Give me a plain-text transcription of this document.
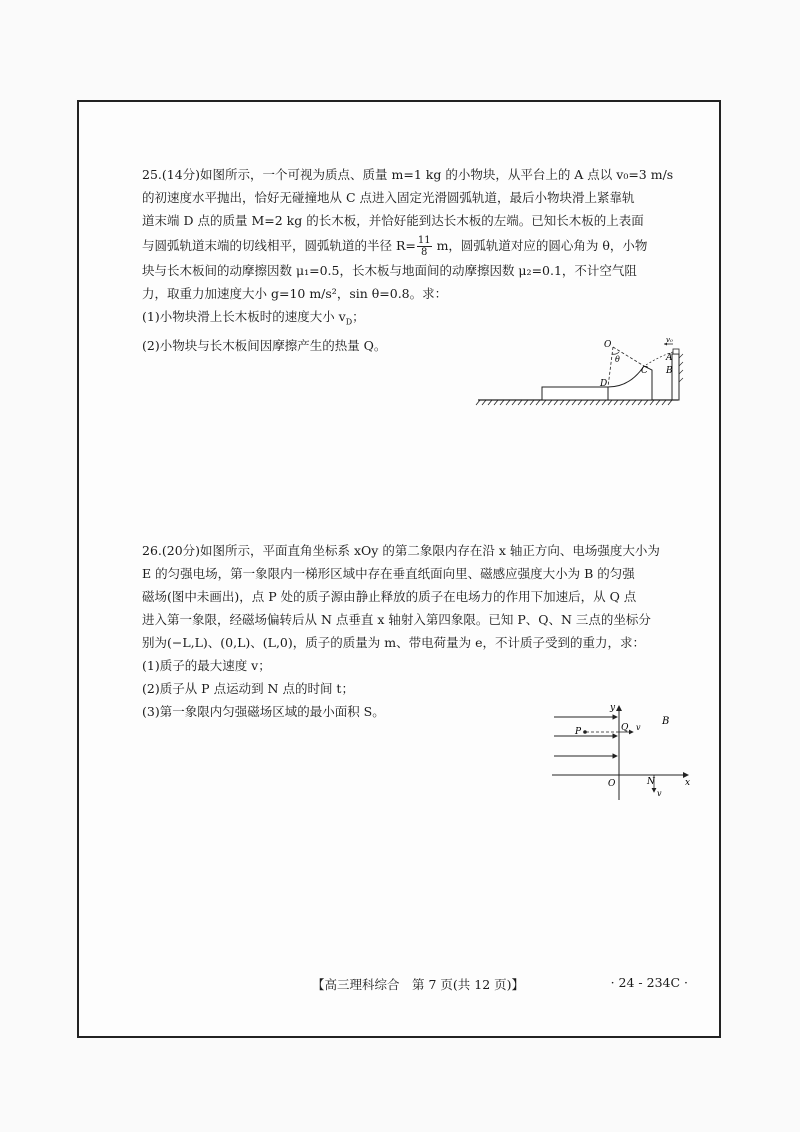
25.(14分)如图所示，一个可视为质点、质量 m=1 kg 的小物块，从平台上的 A 点以 v₀=3 m/s

的初速度水平抛出，恰好无碰撞地从 C 点进入固定光滑圆弧轨道，最后小物块滑上紧靠轨

道末端 D 点的质量 M=2 kg 的长木板，并恰好能到达长木板的左端。已知长木板的上表面

与圆弧轨道末端的切线相平，圆弧轨道的半径 $R= \frac{11}{8}$ m，圆弧轨道对应的圆心角为 θ，小物

块与长木板间的动摩擦因数 μ₁=0.5，长木板与地面间的动摩擦因数 μ₂=0.1，不计空气阻

力，取重力加速度大小 g=10 m/s²，sin θ=0.8。求：

(1)小物块滑上长木板时的速度大小 $v_D$；

(2)小物块与长木板间因摩擦产生的热量 Q。	O
θ
C
D
A
B
v₀

26.(20分)如图所示，平面直角坐标系 xOy 的第二象限内存在沿 x 轴正方向、电场强度大小为

E 的匀强电场，第一象限内一梯形区域中存在垂直纸面向里、磁感应强度大小为 B 的匀强

磁场(图中未画出)，点 P 处的质子源由静止释放的质子在电场力的作用下加速后，从 Q 点

进入第一象限，经磁场偏转后从 N 点垂直 x 轴射入第四象限。已知 P、Q、N 三点的坐标分

别为(−L,L)、(0,L)、(L,0)，质子的质量为 m、带电荷量为 e，不计质子受到的重力，求：

(1)质子的最大速度 v；

(2)质子从 P 点运动到 N 点的时间 t；

(3)第一象限内匀强磁场区域的最小面积 S。	y
x
O
P	Q v
N
v
B
【高三理科综合　第 7 页(共 12 页)】	· 24 - 234C ·
